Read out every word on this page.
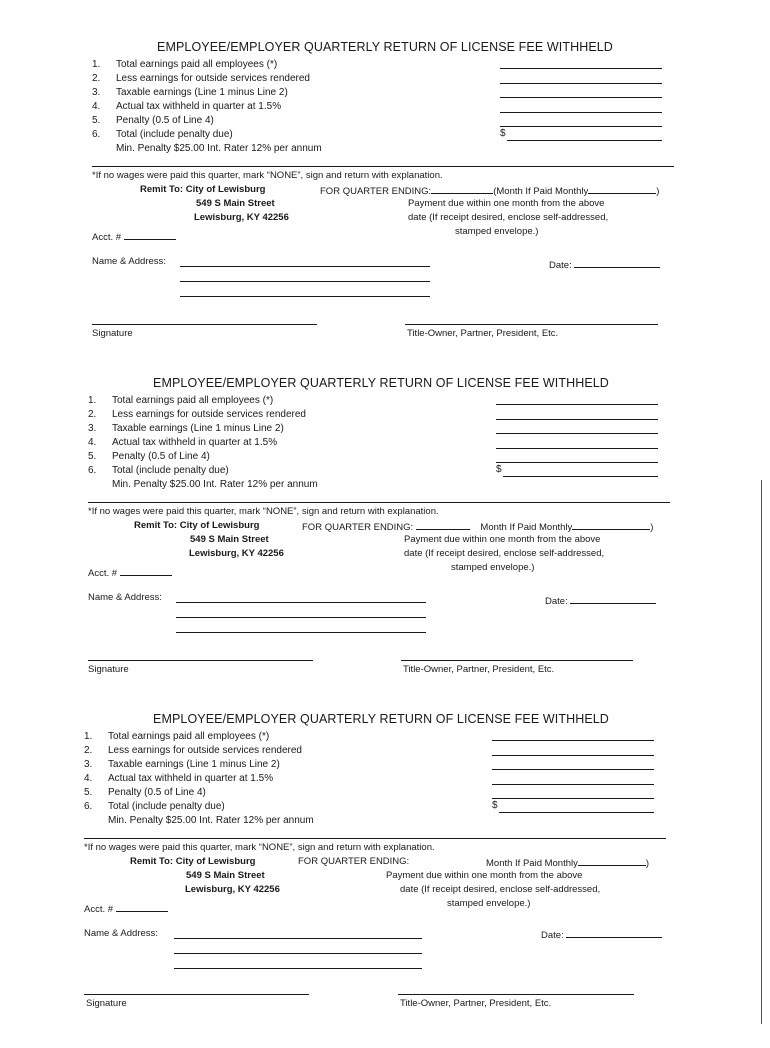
EMPLOYEE/EMPLOYER QUARTERLY RETURN OF LICENSE FEE WITHHELD
1. Total earnings paid all employees (*)
2. Less earnings for outside services rendered
3. Taxable earnings (Line 1 minus Line 2)
4. Actual tax withheld in quarter at 1.5%
5. Penalty (0.5 of Line 4)
6. Total (include penalty due)
Min. Penalty $25.00 Int. Rater 12% per annum
$
*If no wages were paid this quarter, mark “NONE”, sign and return with explanation.
Remit To: City of Lewisburg
549 S Main Street
Lewisburg, KY 42256
FOR QUARTER ENDING:	(Month If Paid Monthly	)
Payment due within one month from the above
date (If receipt desired, enclose self-addressed,
stamped envelope.)
Acct. #
Name & Address:	Date:
Signature	Title-Owner, Partner, President, Etc.
EMPLOYEE/EMPLOYER QUARTERLY RETURN OF LICENSE FEE WITHHELD
1. Total earnings paid all employees (*)
2. Less earnings for outside services rendered
3. Taxable earnings (Line 1 minus Line 2)
4. Actual tax withheld in quarter at 1.5%
5. Penalty (0.5 of Line 4)
6. Total (include penalty due)
Min. Penalty $25.00 Int. Rater 12% per annum
$
*If no wages were paid this quarter, mark “NONE”, sign and return with explanation.
Remit To: City of Lewisburg
549 S Main Street
Lewisburg, KY 42256
FOR QUARTER ENDING:	Month If Paid Monthly	)
Payment due within one month from the above
date (If receipt desired, enclose self-addressed,
stamped envelope.)
Acct. #
Name & Address:	Date:
Signature	Title-Owner, Partner, President, Etc.
EMPLOYEE/EMPLOYER QUARTERLY RETURN OF LICENSE FEE WITHHELD
1. Total earnings paid all employees (*)
2. Less earnings for outside services rendered
3. Taxable earnings (Line 1 minus Line 2)
4. Actual tax withheld in quarter at 1.5%
5. Penalty (0.5 of Line 4)
6. Total (include penalty due)
Min. Penalty $25.00 Int. Rater 12% per annum
$
*If no wages were paid this quarter, mark “NONE”, sign and return with explanation.
Remit To: City of Lewisburg
549 S Main Street
Lewisburg, KY 42256
FOR QUARTER ENDING:	Month If Paid Monthly	)
Payment due within one month from the above
date (If receipt desired, enclose self-addressed,
stamped envelope.)
Acct. #
Name & Address:	Date:
Signature	Title-Owner, Partner, President, Etc.
